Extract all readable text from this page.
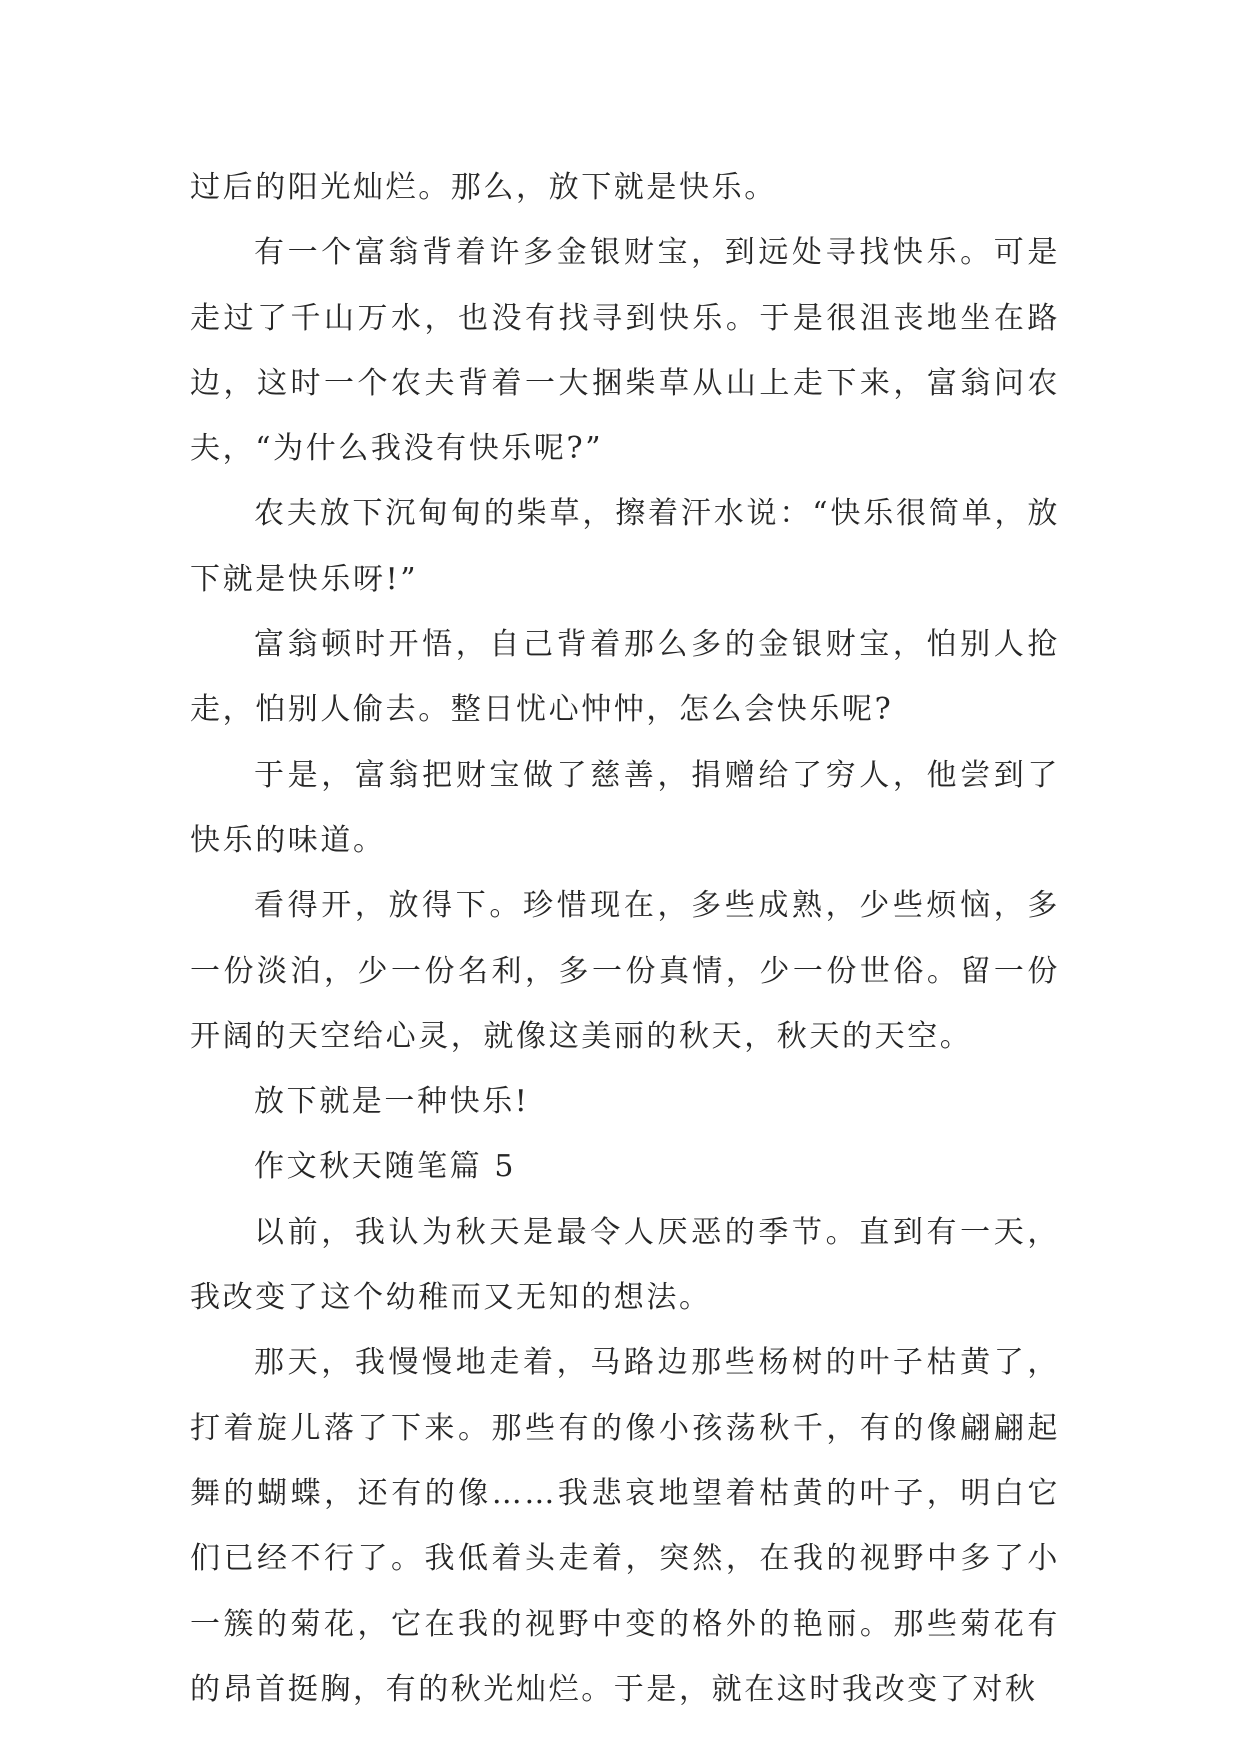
过后的阳光灿烂。那么，放下就是快乐。

有一个富翁背着许多金银财宝，到远处寻找快乐。可是走过了千山万水，也没有找寻到快乐。于是很沮丧地坐在路边，这时一个农夫背着一大捆柴草从山上走下来，富翁问农夫，“为什么我没有快乐呢?”

农夫放下沉甸甸的柴草，擦着汗水说：“快乐很简单，放下就是快乐呀!”

富翁顿时开悟，自己背着那么多的金银财宝，怕别人抢走，怕别人偷去。整日忧心忡忡，怎么会快乐呢?

于是，富翁把财宝做了慈善，捐赠给了穷人，他尝到了快乐的味道。

看得开，放得下。珍惜现在，多些成熟，少些烦恼，多一份淡泊，少一份名利，多一份真情，少一份世俗。留一份开阔的天空给心灵，就像这美丽的秋天，秋天的天空。

放下就是一种快乐!

作文秋天随笔篇 5

以前，我认为秋天是最令人厌恶的季节。直到有一天，我改变了这个幼稚而又无知的想法。

那天，我慢慢地走着，马路边那些杨树的叶子枯黄了，打着旋儿落了下来。那些有的像小孩荡秋千，有的像翩翩起舞的蝴蝶，还有的像……我悲哀地望着枯黄的叶子，明白它们已经不行了。我低着头走着，突然，在我的视野中多了小一簇的菊花，它在我的视野中变的格外的艳丽。那些菊花有的昂首挺胸，有的秋光灿烂。于是，就在这时我改变了对秋
